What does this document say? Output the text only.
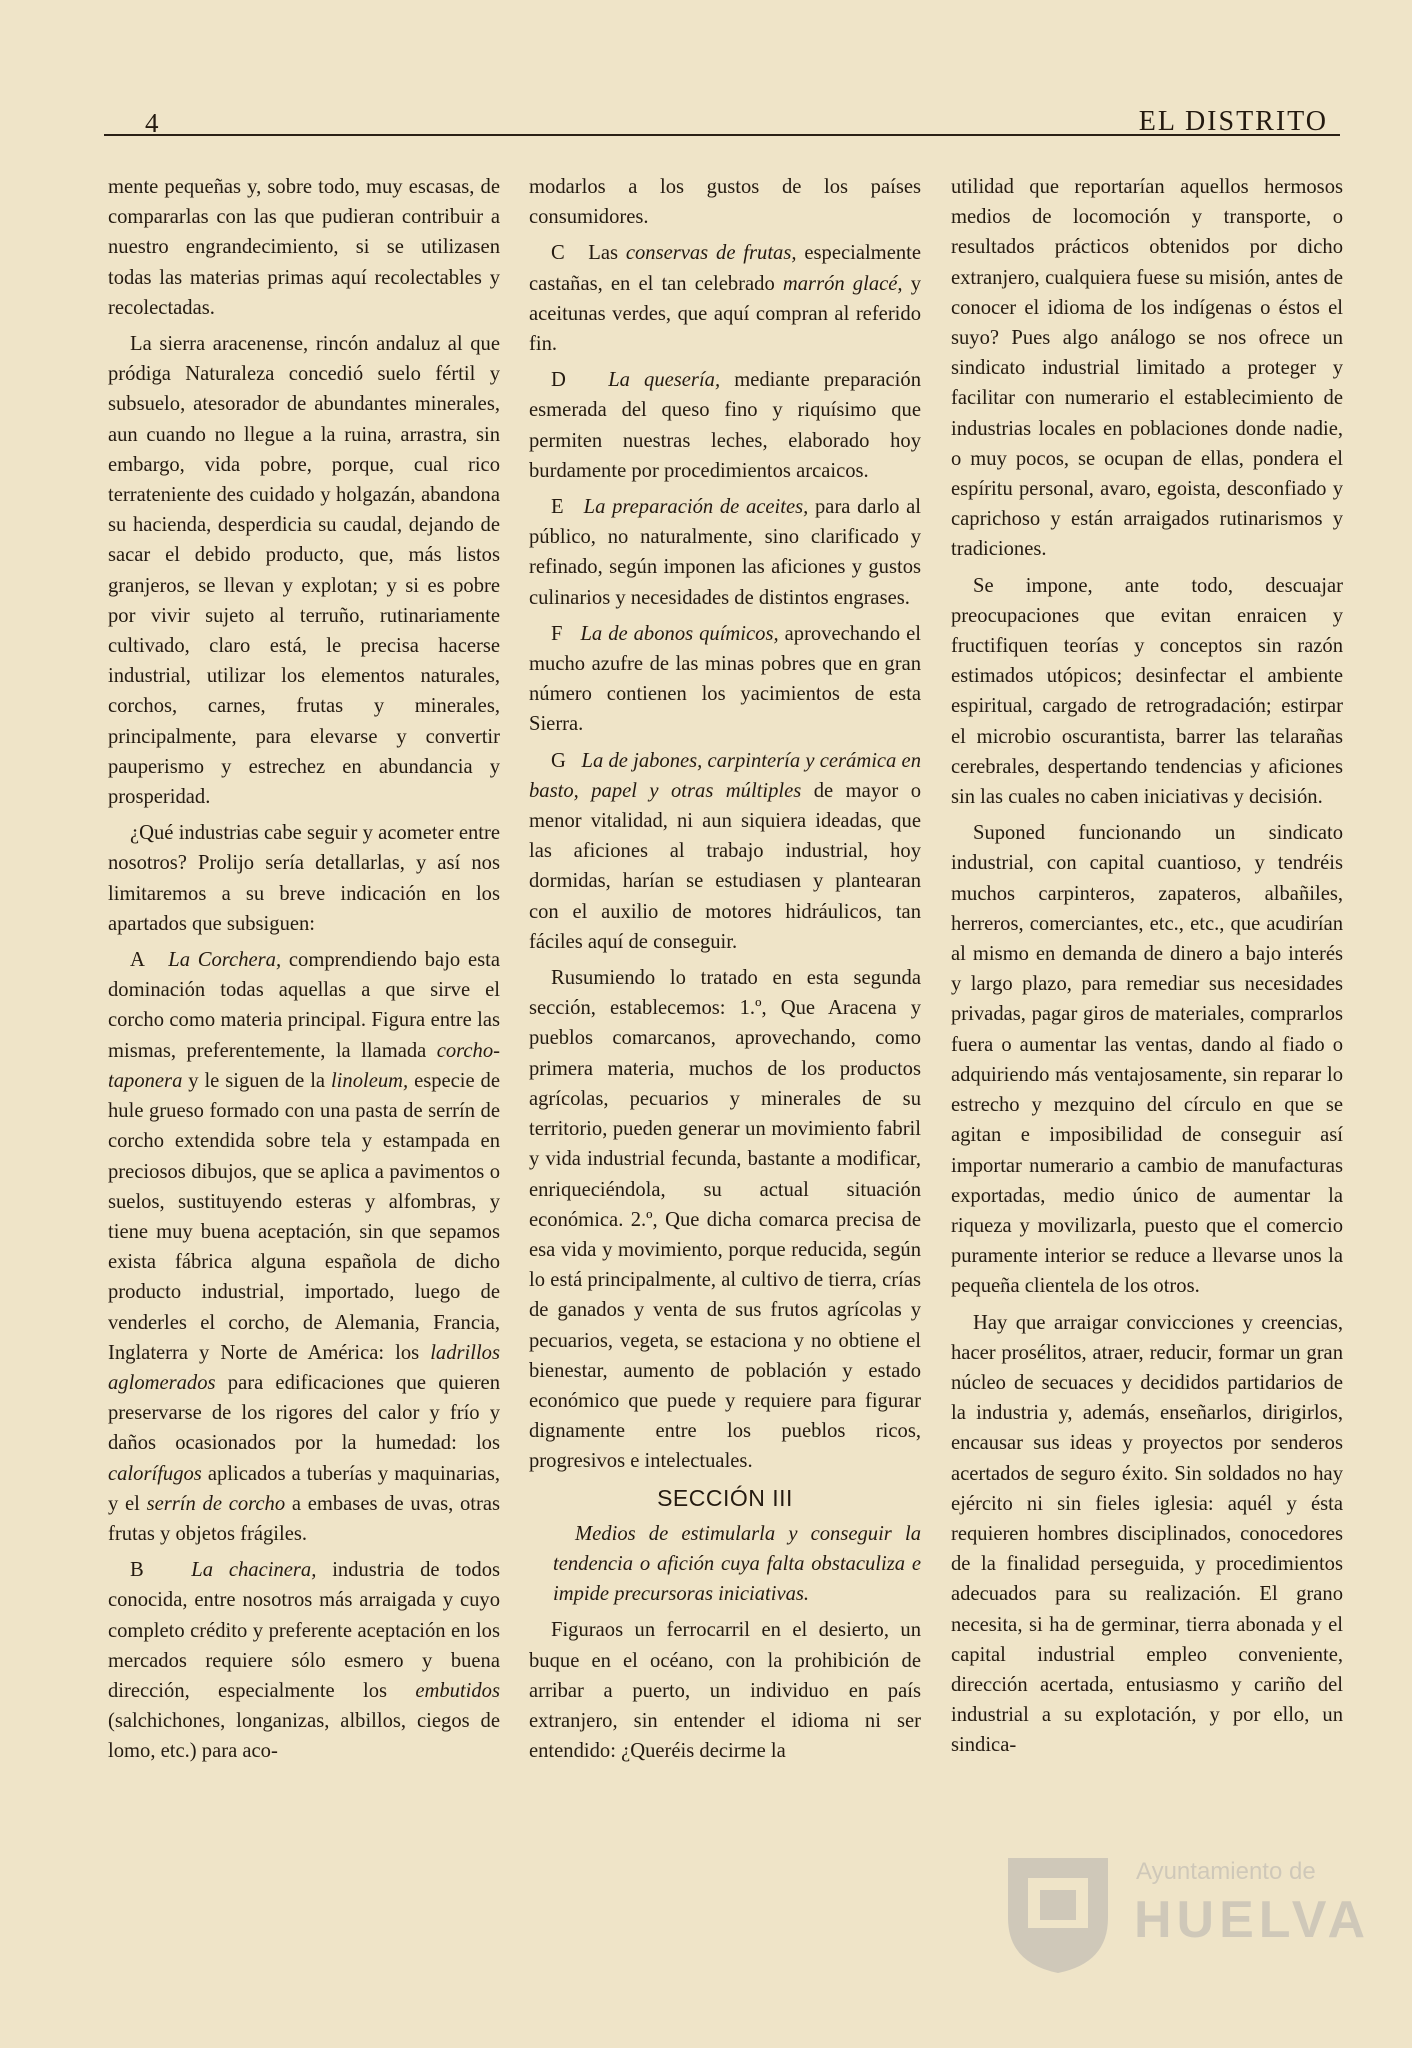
4	EL DISTRITO

mente pequeñas y, sobre todo, muy escasas, de compararlas con las que pudieran contribuir a nuestro engrandecimiento, si se utilizasen todas las materias primas aquí recolectables y recolectadas.

La sierra aracenense, rincón andaluz al que pródiga Naturaleza concedió suelo fértil y subsuelo, atesorador de abundantes minerales, aun cuando no llegue a la ruina, arrastra, sin embargo, vida pobre, porque, cual rico terrateniente des cuidado y holgazán, abandona su hacienda, desperdicia su caudal, dejando de sacar el debido producto, que, más listos granjeros, se llevan y explotan; y si es pobre por vivir sujeto al terruño, rutinariamente cultivado, claro está, le precisa hacerse industrial, utilizar los elementos naturales, corchos, carnes, frutas y minerales, principalmente, para elevarse y convertir pauperismo y estrechez en abundancia y prosperidad.

¿Qué industrias cabe seguir y acometer entre nosotros? Prolijo sería detallarlas, y así nos limitaremos a su breve indicación en los apartados que subsiguen:

A La Corchera, comprendiendo bajo esta dominación todas aquellas a que sirve el corcho como materia principal. Figura entre las mismas, preferentemente, la llamada corcho-taponera y le siguen de la linoleum, especie de hule grueso formado con una pasta de serrín de corcho extendida sobre tela y estampada en preciosos dibujos, que se aplica a pavimentos o suelos, sustituyendo esteras y alfombras, y tiene muy buena aceptación, sin que sepamos exista fábrica alguna española de dicho producto industrial, importado, luego de venderles el corcho, de Alemania, Francia, Inglaterra y Norte de América: los ladrillos aglomerados para edificaciones que quieren preservarse de los rigores del calor y frío y daños ocasionados por la humedad: los calorífugos aplicados a tuberías y maquinarias, y el serrín de corcho a embases de uvas, otras frutas y objetos frágiles.

B La chacinera, industria de todos conocida, entre nosotros más arraigada y cuyo completo crédito y preferente aceptación en los mercados requiere sólo esmero y buena dirección, especialmente los embutidos (salchichones, longanizas, albillos, ciegos de lomo, etc.) para aco-

modarlos a los gustos de los países consumidores.

C Las conservas de frutas, especialmente castañas, en el tan celebrado marrón glacé, y aceitunas verdes, que aquí compran al referido fin.

D La quesería, mediante preparación esmerada del queso fino y riquísimo que permiten nuestras leches, elaborado hoy burdamente por procedimientos arcaicos.

E La preparación de aceites, para darlo al público, no naturalmente, sino clarificado y refinado, según imponen las aficiones y gustos culinarios y necesidades de distintos engrases.

F La de abonos químicos, aprovechando el mucho azufre de las minas pobres que en gran número contienen los yacimientos de esta Sierra.

G La de jabones, carpintería y cerámica en basto, papel y otras múltiples de mayor o menor vitalidad, ni aun siquiera ideadas, que las aficiones al trabajo industrial, hoy dormidas, harían se estudiasen y plantearan con el auxilio de motores hidráulicos, tan fáciles aquí de conseguir.

Rusumiendo lo tratado en esta segunda sección, establecemos: 1.º, Que Aracena y pueblos comarcanos, aprovechando, como primera materia, muchos de los productos agrícolas, pecuarios y minerales de su territorio, pueden generar un movimiento fabril y vida industrial fecunda, bastante a modificar, enriqueciéndola, su actual situación económica. 2.º, Que dicha comarca precisa de esa vida y movimiento, porque reducida, según lo está principalmente, al cultivo de tierra, crías de ganados y venta de sus frutos agrícolas y pecuarios, vegeta, se estaciona y no obtiene el bienestar, aumento de población y estado económico que puede y requiere para figurar dignamente entre los pueblos ricos, progresivos e intelectuales.

SECCIÓN III

Medios de estimularla y conseguir la tendencia o afición cuya falta obstaculiza e impide precursoras iniciativas.

Figuraos un ferrocarril en el desierto, un buque en el océano, con la prohibición de arribar a puerto, un individuo en país extranjero, sin entender el idioma ni ser entendido: ¿Queréis decirme la

utilidad que reportarían aquellos hermosos medios de locomoción y transporte, o resultados prácticos obtenidos por dicho extranjero, cualquiera fuese su misión, antes de conocer el idioma de los indígenas o éstos el suyo? Pues algo análogo se nos ofrece un sindicato industrial limitado a proteger y facilitar con numerario el establecimiento de industrias locales en poblaciones donde nadie, o muy pocos, se ocupan de ellas, pondera el espíritu personal, avaro, egoista, desconfiado y caprichoso y están arraigados rutinarismos y tradiciones.

Se impone, ante todo, descuajar preocupaciones que evitan enraicen y fructifiquen teorías y conceptos sin razón estimados utópicos; desinfectar el ambiente espiritual, cargado de retrogradación; estirpar el microbio oscurantista, barrer las telarañas cerebrales, despertando tendencias y aficiones sin las cuales no caben iniciativas y decisión.

Suponed funcionando un sindicato industrial, con capital cuantioso, y tendréis muchos carpinteros, zapateros, albañiles, herreros, comerciantes, etc., etc., que acudirían al mismo en demanda de dinero a bajo interés y largo plazo, para remediar sus necesidades privadas, pagar giros de materiales, comprarlos fuera o aumentar las ventas, dando al fiado o adquiriendo más ventajosamente, sin reparar lo estrecho y mezquino del círculo en que se agitan e imposibilidad de conseguir así importar numerario a cambio de manufacturas exportadas, medio único de aumentar la riqueza y movilizarla, puesto que el comercio puramente interior se reduce a llevarse unos la pequeña clientela de los otros.

Hay que arraigar convicciones y creencias, hacer prosélitos, atraer, reducir, formar un gran núcleo de secuaces y decididos partidarios de la industria y, además, enseñarlos, dirigirlos, encausar sus ideas y proyectos por senderos acertados de seguro éxito. Sin soldados no hay ejército ni sin fieles iglesia: aquél y ésta requieren hombres disciplinados, conocedores de la finalidad perseguida, y procedimientos adecuados para su realización. El grano necesita, si ha de germinar, tierra abonada y el capital industrial empleo conveniente, dirección acertada, entusiasmo y cariño del industrial a su explotación, y por ello, un sindica-

Ayuntamiento de
HUELVA
